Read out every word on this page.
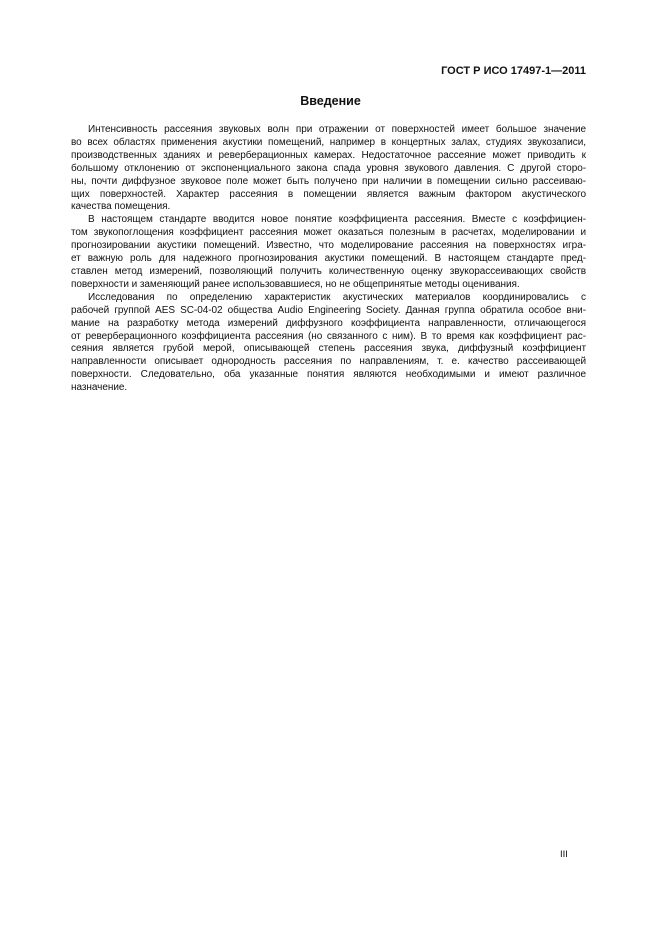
ГОСТ Р ИСО 17497-1—2011
Введение
Интенсивность рассеяния звуковых волн при отражении от поверхностей имеет большое значение
во всех областях применения акустики помещений, например в концертных залах, студиях звукозаписи,
производственных зданиях и реверберационных камерах. Недостаточное рассеяние может приводить к
большому отклонению от экспоненциального закона спада уровня звукового давления. С другой сторо-
ны, почти диффузное звуковое поле может быть получено при наличии в помещении сильно рассеиваю-
щих поверхностей. Характер рассеяния в помещении является важным фактором акустического
качества помещения.
В настоящем стандарте вводится новое понятие коэффициента рассеяния. Вместе с коэффициен-
том звукопоглощения коэффициент рассеяния может оказаться полезным в расчетах, моделировании и
прогнозировании акустики помещений. Известно, что моделирование рассеяния на поверхностях игра-
ет важную роль для надежного прогнозирования акустики помещений. В настоящем стандарте пред-
ставлен метод измерений, позволяющий получить количественную оценку звукорассеивающих свойств
поверхности и заменяющий ранее использовавшиеся, но не общепринятые методы оценивания.
Исследования по определению характеристик акустических материалов координировались с
рабочей группой AES SC-04-02 общества Audio Engineering Society. Данная группа обратила особое вни-
мание на разработку метода измерений диффузного коэффициента направленности, отличающегося
от реверберационного коэффициента рассеяния (но связанного с ним). В то время как коэффициент рас-
сеяния является грубой мерой, описывающей степень рассеяния звука, диффузный коэффициент
направленности описывает однородность рассеяния по направлениям, т. е. качество рассеивающей
поверхности. Следовательно, оба указанные понятия являются необходимыми и имеют различное
назначение.
III
